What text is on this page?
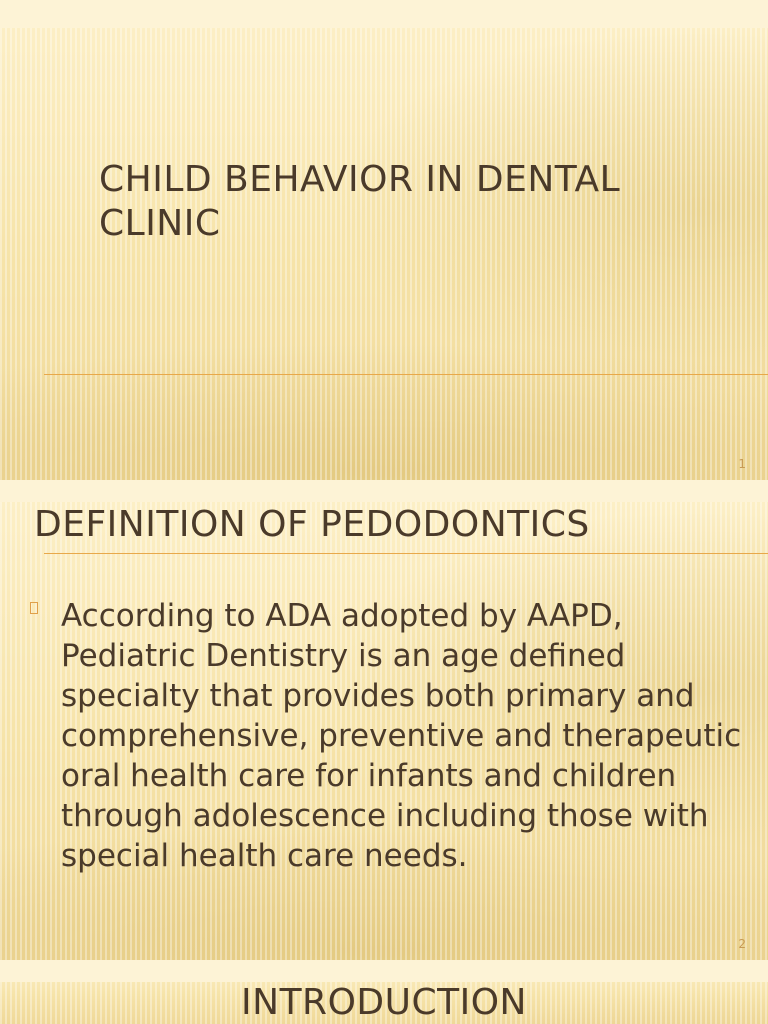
CHILD BEHAVIOR IN DENTAL CLINIC
1
DEFINITION OF PEDODONTICS

According to ADA adopted by AAPD, Pediatric Dentistry is an age defined specialty that provides both primary and comprehensive, preventive and therapeutic oral health care for infants and children through adolescence including those with special health care needs.

2
INTRODUCTION
